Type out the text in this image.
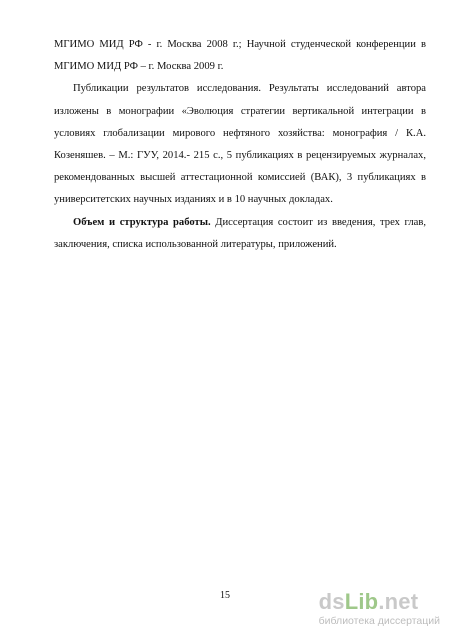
МГИМО МИД РФ - г. Москва 2008 г.; Научной студенческой конференции в
МГИМО МИД РФ – г. Москва 2009 г.
Публикации результатов исследования. Результаты исследований автора
изложены в монографии «Эволюция стратегии вертикальной интеграции в
условиях глобализации мирового нефтяного хозяйства: монография / К.А.
Козеняшев. – М.: ГУУ, 2014.- 215 с., 5 публикациях в рецензируемых журналах,
рекомендованных высшей аттестационной комиссией (ВАК), 3 публикациях в
университетских научных изданиях и в 10 научных докладах.
Объем и структура работы. Диссертация состоит из введения, трех глав,
заключения, списка использованной литературы, приложений.
15	dsLib.net
библиотека диссертаций
